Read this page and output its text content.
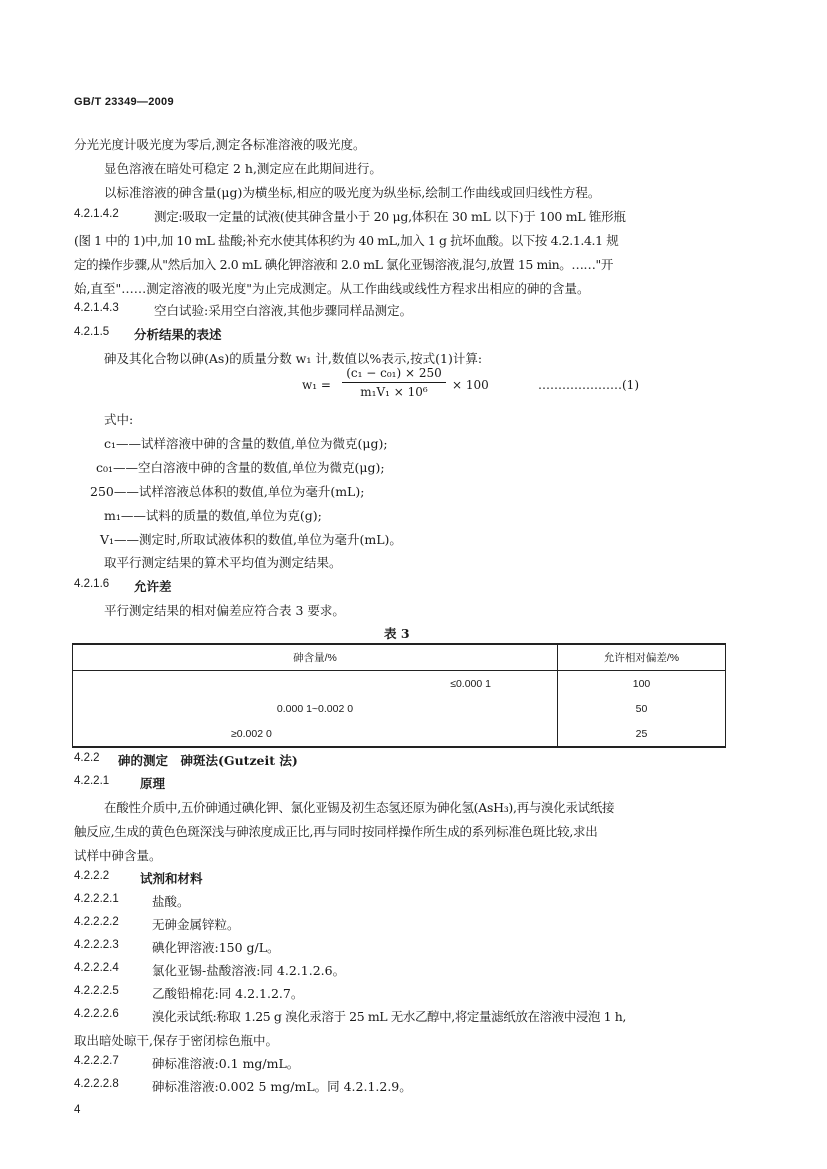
GB/T 23349—2009
分光光度计吸光度为零后,测定各标准溶液的吸光度。
显色溶液在暗处可稳定 2 h,测定应在此期间进行。
以标准溶液的砷含量(μg)为横坐标,相应的吸光度为纵坐标,绘制工作曲线或回归线性方程。
4.2.1.4.2	测定:吸取一定量的试液(使其砷含量小于 20 μg,体积在 30 mL 以下)于 100 mL 锥形瓶
(图 1 中的 1)中,加 10 mL 盐酸;补充水使其体积约为 40 mL,加入 1 g 抗坏血酸。以下按 4.2.1.4.1 规
定的操作步骤,从"然后加入 2.0 mL 碘化钾溶液和 2.0 mL 氯化亚锡溶液,混匀,放置 15 min。……"开
始,直至"……测定溶液的吸光度"为止完成测定。从工作曲线或线性方程求出相应的砷的含量。
4.2.1.4.3	空白试验:采用空白溶液,其他步骤同样品测定。
4.2.1.5 分析结果的表述
砷及其化合物以砷(As)的质量分数 w₁ 计,数值以%表示,按式(1)计算:
w₁ =
(c₁ − c₀₁) × 250
m₁V₁ × 10⁶	× 100	…………………(1)
式中:
c₁——试样溶液中砷的含量的数值,单位为微克(μg);
c₀₁——空白溶液中砷的含量的数值,单位为微克(μg);
250——试样溶液总体积的数值,单位为毫升(mL);
m₁——试料的质量的数值,单位为克(g);
V₁——测定时,所取试液体积的数值,单位为毫升(mL)。
取平行测定结果的算术平均值为测定结果。
4.2.1.6 允许差
平行测定结果的相对偏差应符合表 3 要求。
表 3
砷含量/%	允许相对偏差/%
≤0.000 1	100
0.000 1~0.002 0	50
≥0.002 0	25
4.2.2 砷的测定　砷斑法(Gutzeit 法)
4.2.2.1 原理
在酸性介质中,五价砷通过碘化钾、氯化亚锡及初生态氢还原为砷化氢(AsH₃),再与溴化汞试纸接
触反应,生成的黄色色斑深浅与砷浓度成正比,再与同时按同样操作所生成的系列标准色斑比较,求出
试样中砷含量。
4.2.2.2 试剂和材料
4.2.2.2.1	盐酸。
4.2.2.2.2	无砷金属锌粒。
4.2.2.2.3	碘化钾溶液:150 g/L。
4.2.2.2.4	氯化亚锡-盐酸溶液:同 4.2.1.2.6。
4.2.2.2.5	乙酸铅棉花:同 4.2.1.2.7。
4.2.2.2.6	溴化汞试纸:称取 1.25 g 溴化汞溶于 25 mL 无水乙醇中,将定量滤纸放在溶液中浸泡 1 h,
取出暗处晾干,保存于密闭棕色瓶中。
4.2.2.2.7	砷标准溶液:0.1 mg/mL。
4.2.2.2.8	砷标准溶液:0.002 5 mg/mL。同 4.2.1.2.9。
4
